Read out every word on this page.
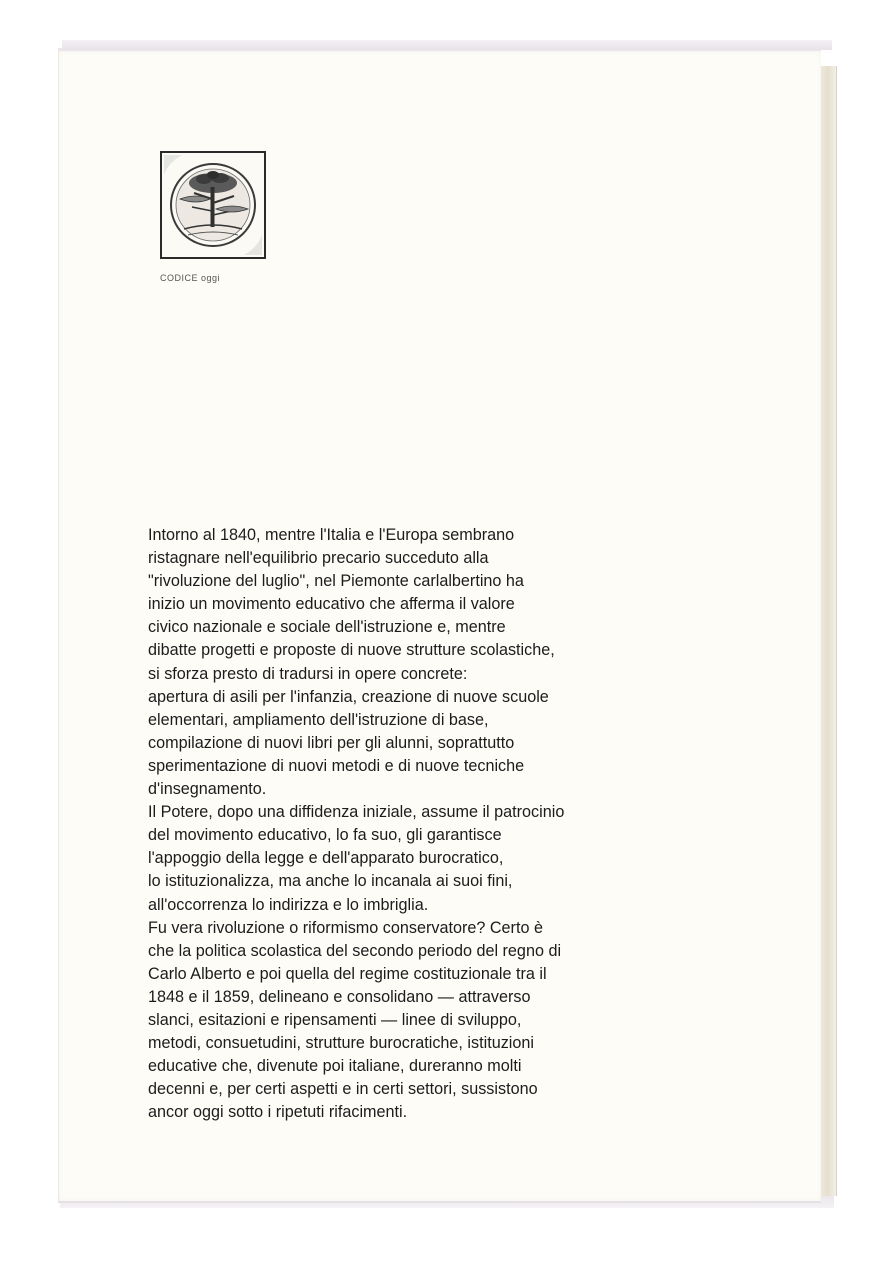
CODICE oggi
Intorno al 1840, mentre l'Italia e l'Europa sembrano
ristagnare nell'equilibrio precario succeduto alla
"rivoluzione del luglio", nel Piemonte carlalbertino ha
inizio un movimento educativo che afferma il valore
civico nazionale e sociale dell'istruzione e, mentre
dibatte progetti e proposte di nuove strutture scolastiche,
si sforza presto di tradursi in opere concrete:
apertura di asili per l'infanzia, creazione di nuove scuole
elementari, ampliamento dell'istruzione di base,
compilazione di nuovi libri per gli alunni, soprattutto
sperimentazione di nuovi metodi e di nuove tecniche
d'insegnamento.
Il Potere, dopo una diffidenza iniziale, assume il patrocinio
del movimento educativo, lo fa suo, gli garantisce
l'appoggio della legge e dell'apparato burocratico,
lo istituzionalizza, ma anche lo incanala ai suoi fini,
all'occorrenza lo indirizza e lo imbriglia.
Fu vera rivoluzione o riformismo conservatore? Certo è
che la politica scolastica del secondo periodo del regno di
Carlo Alberto e poi quella del regime costituzionale tra il
1848 e il 1859, delineano e consolidano — attraverso
slanci, esitazioni e ripensamenti — linee di sviluppo,
metodi, consuetudini, strutture burocratiche, istituzioni
educative che, divenute poi italiane, dureranno molti
decenni e, per certi aspetti e in certi settori, sussistono
ancor oggi sotto i ripetuti rifacimenti.
